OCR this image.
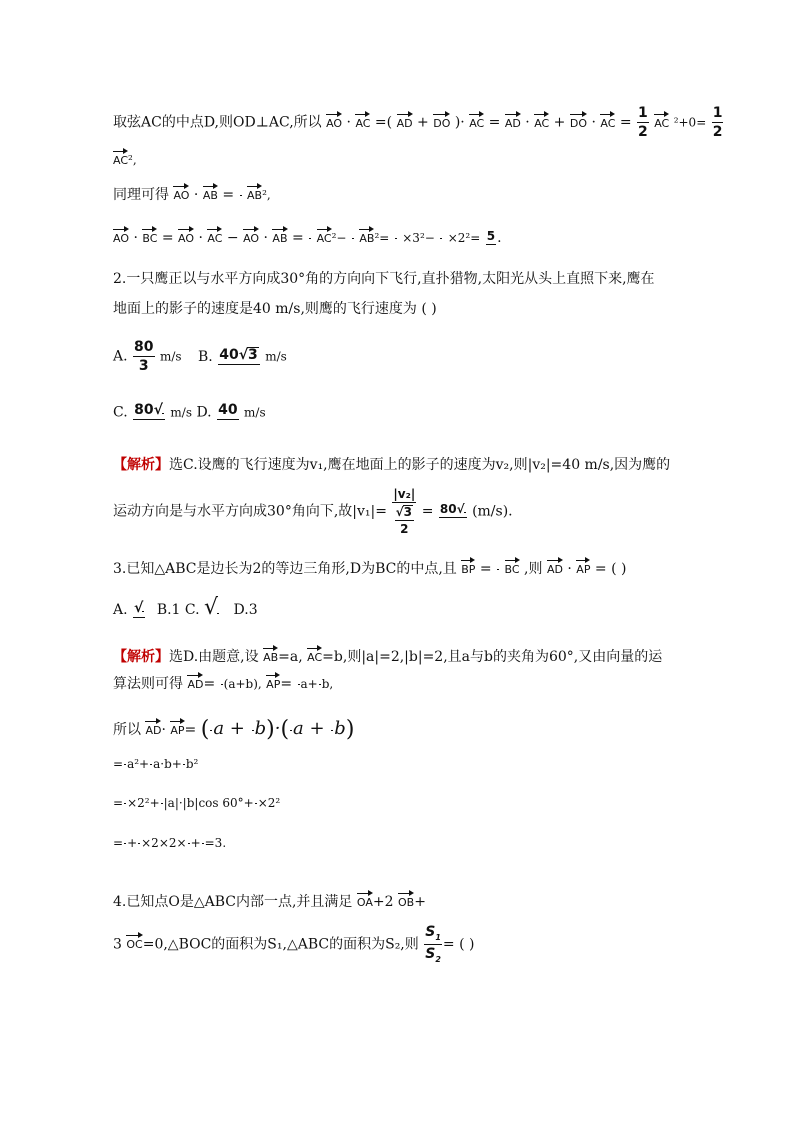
取弦AC的中点D,则OD⊥AC,所以 AO · AC =( AD + DO )· AC = AD · AC + DO · AC = $\frac{1}{2}$ AC $^2+0= \frac{1}{2}$
AC²,
同理可得 AO · AB = AB²,
AO · BC = AO · AC − AO · AB = AC²− AB²= ×3²− ×2²= 5 .
2.一只鹰正以与水平方向成30°角的方向向下飞行,直扑猎物,太阳光从头上直照下来,鹰在
地面上的影子的速度是40 m/s,则鹰的飞行速度为 ( )
A. $\frac{80}{3} m/s$ B. 40√3 m/s
C. 80√ m/s D. 40 m/s
【解析】选C.设鹰的飞行速度为v₁,鹰在地面上的影子的速度为v₂,则|v₂|=40 m/s,因为鹰的
运动方向是与水平方向成30°角向下,故$|v_1|= \frac{\text{|v₂|}}{\frac{√3}{2}} = 80√$ (m/s).
3.已知△ABC是边长为2的等边三角形,D为BC的中点,且 BP = BC ,则 AD · AP = ( )
A. √ B.1 C. √ D.3
【解析】选D.由题意,设 AB=a, AC=b,则|a|=2,|b|=2,且a与b的夹角为60°,又由向量的运
算法则可得 AD= (a+b), AP= a+ b,
所以 AD· AP= ( a +
b)·( a +
b)
= a²+ a·b+ b²
= ×2²+ |a|·|b|cos 60°+ ×2²
= + ×2×2× + =3.
4.已知点O是△ABC内部一点,并且满足 OA+2 OB+
3 OC=0,△BOC的面积为S₁,△ABC的面积为S₂,则 $\frac{S_1}{S_2}$ = ( )
